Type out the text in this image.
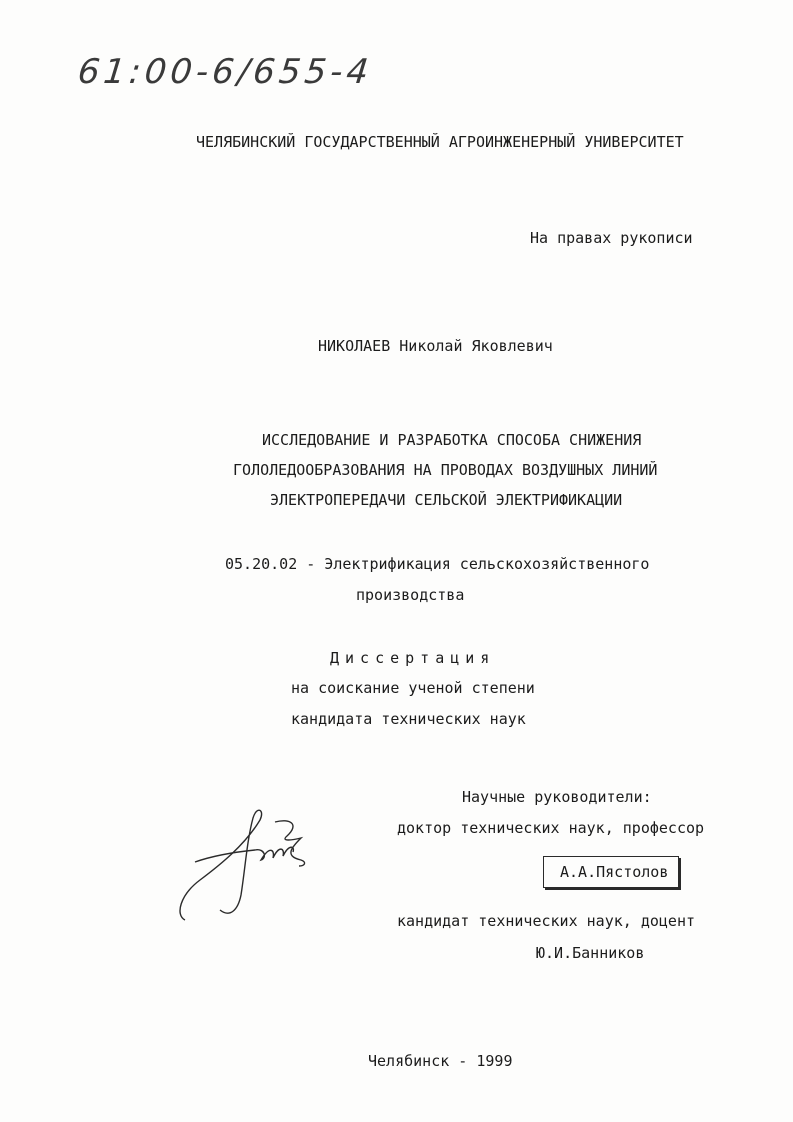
61:00-6/655-4
ЧЕЛЯБИНСКИЙ ГОСУДАРСТВЕННЫЙ АГРОИНЖЕНЕРНЫЙ УНИВЕРСИТЕТ
На правах рукописи
НИКОЛАЕВ Николай Яковлевич
ИССЛЕДОВАНИЕ И РАЗРАБОТКА СПОСОБА СНИЖЕНИЯ
ГОЛОЛЕДООБРАЗОВАНИЯ НА ПРОВОДАХ ВОЗДУШНЫХ ЛИНИЙ
ЭЛЕКТРОПЕРЕДАЧИ СЕЛЬСКОЙ ЭЛЕКТРИФИКАЦИИ
05.20.02 - Электрификация сельскохозяйственного
производства
Диссертация
на соискание ученой степени
кандидата технических наук
Научные руководители:
доктор технических наук, профессор
А.А.Пястолов
кандидат технических наук, доцент
Ю.И.Банников
Челябинск - 1999
